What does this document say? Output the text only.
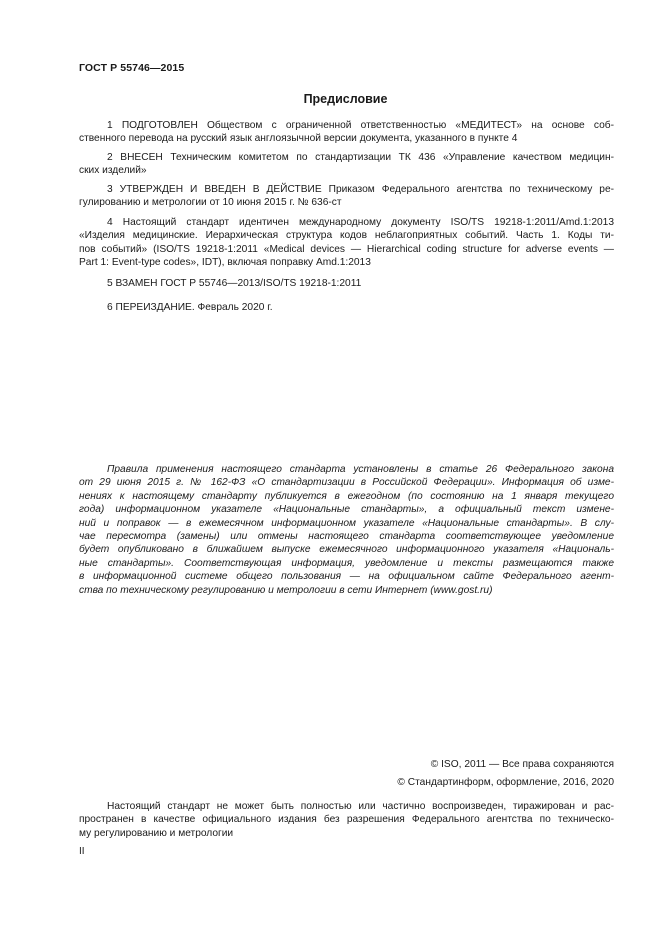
ГОСТ Р 55746—2015
Предисловие
1 ПОДГОТОВЛЕН Обществом с ограниченной ответственностью «МЕДИТЕСТ» на основе соб-
ственного перевода на русский язык англоязычной версии документа, указанного в пункте 4
2 ВНЕСЕН Техническим комитетом по стандартизации ТК 436 «Управление качеством медицин-
ских изделий»
3 УТВЕРЖДЕН И ВВЕДЕН В ДЕЙСТВИЕ Приказом Федерального агентства по техническому ре-
гулированию и метрологии от 10 июня 2015 г. № 636-ст
4 Настоящий стандарт идентичен международному документу ISO/TS 19218-1:2011/Amd.1:2013
«Изделия медицинские. Иерархическая структура кодов неблагоприятных событий. Часть 1. Коды ти-
пов событий» (ISO/TS 19218-1:2011 «Medical devices — Hierarchical coding structure for adverse events —
Part 1: Event-type codes», IDT), включая поправку Amd.1:2013
5 ВЗАМЕН ГОСТ Р 55746—2013/ISO/TS 19218-1:2011
6 ПЕРЕИЗДАНИЕ. Февраль 2020 г.
Правила применения настоящего стандарта установлены в статье 26 Федерального закона
от 29 июня 2015 г. № 162-ФЗ «О стандартизации в Российской Федерации». Информация об изме-
нениях к настоящему стандарту публикуется в ежегодном (по состоянию на 1 января текущего
года) информационном указателе «Национальные стандарты», а официальный текст измене-
ний и поправок — в ежемесячном информационном указателе «Национальные стандарты». В слу-
чае пересмотра (замены) или отмены настоящего стандарта соответствующее уведомление
будет опубликовано в ближайшем выпуске ежемесячного информационного указателя «Националь-
ные стандарты». Соответствующая информация, уведомление и тексты размещаются также
в информационной системе общего пользования — на официальном сайте Федерального агент-
ства по техническому регулированию и метрологии в сети Интернет (www.gost.ru)
© ISO, 2011 — Все права сохраняются
© Стандартинформ, оформление, 2016, 2020
Настоящий стандарт не может быть полностью или частично воспроизведен, тиражирован и рас-
пространен в качестве официального издания без разрешения Федерального агентства по техническо-
му регулированию и метрологии
II
